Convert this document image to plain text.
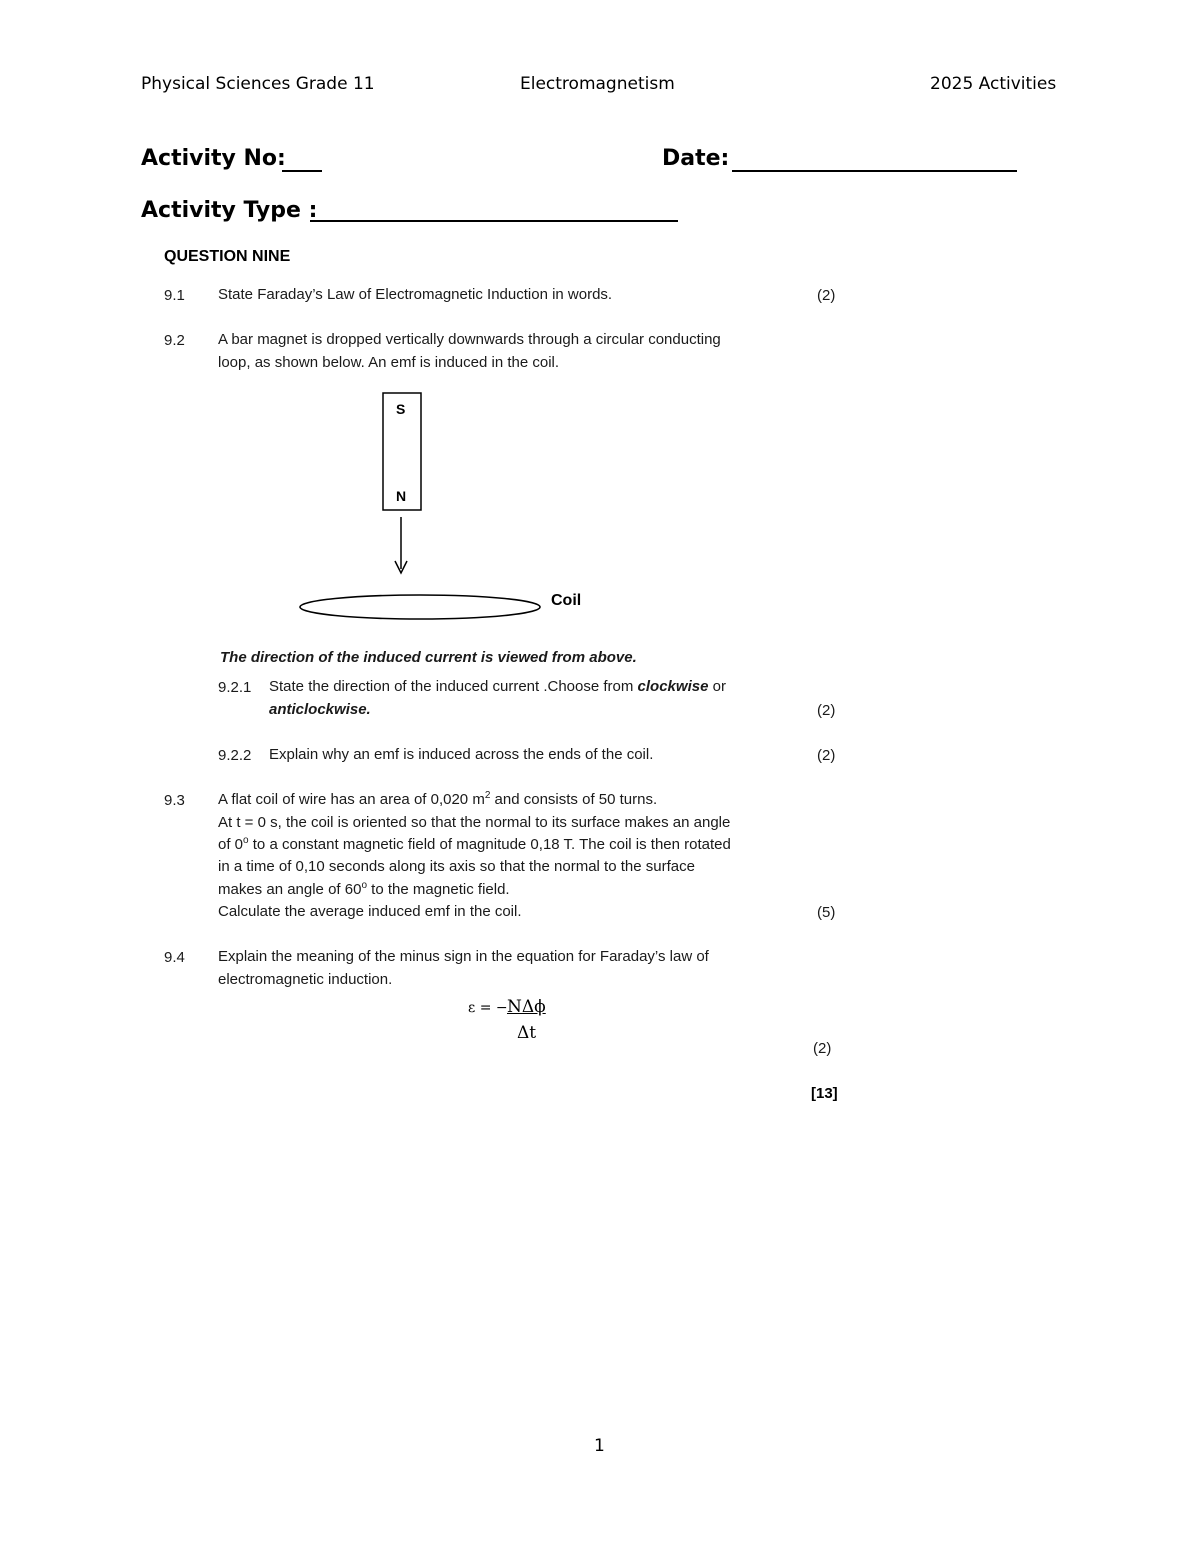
Physical Sciences Grade 11	Electromagnetism	2025 Activities
Activity No:	Date:
Activity Type :
QUESTION NINE
9.1 State Faraday’s Law of Electromagnetic Induction in words.	(2)
9.2 A bar magnet is dropped vertically downwards through a circular conducting
loop, as shown below. An emf is induced in the coil.
S
N
Coil
The direction of the induced current is viewed from above.
9.2.1 State the direction of the induced current .Choose from clockwise or
anticlockwise.	(2)
9.2.2 Explain why an emf is induced across the ends of the coil.	(2)
9.3 A flat coil of wire has an area of 0,020 $m^2$ and consists of 50 turns.
At t = 0 s, the coil is oriented so that the normal to its surface makes an angle
of 0$^o$ to a constant magnetic field of magnitude 0,18 T. The coil is then rotated
in a time of 0,10 seconds along its axis so that the normal to the surface
makes an angle of 60$^o$ to the magnetic field.
Calculate the average induced emf in the coil.	(5)
9.4 Explain the meaning of the minus sign in the equation for Faraday’s law of
electromagnetic induction.
ε = − NΔϕ
Δt
(2)
[13]
1
